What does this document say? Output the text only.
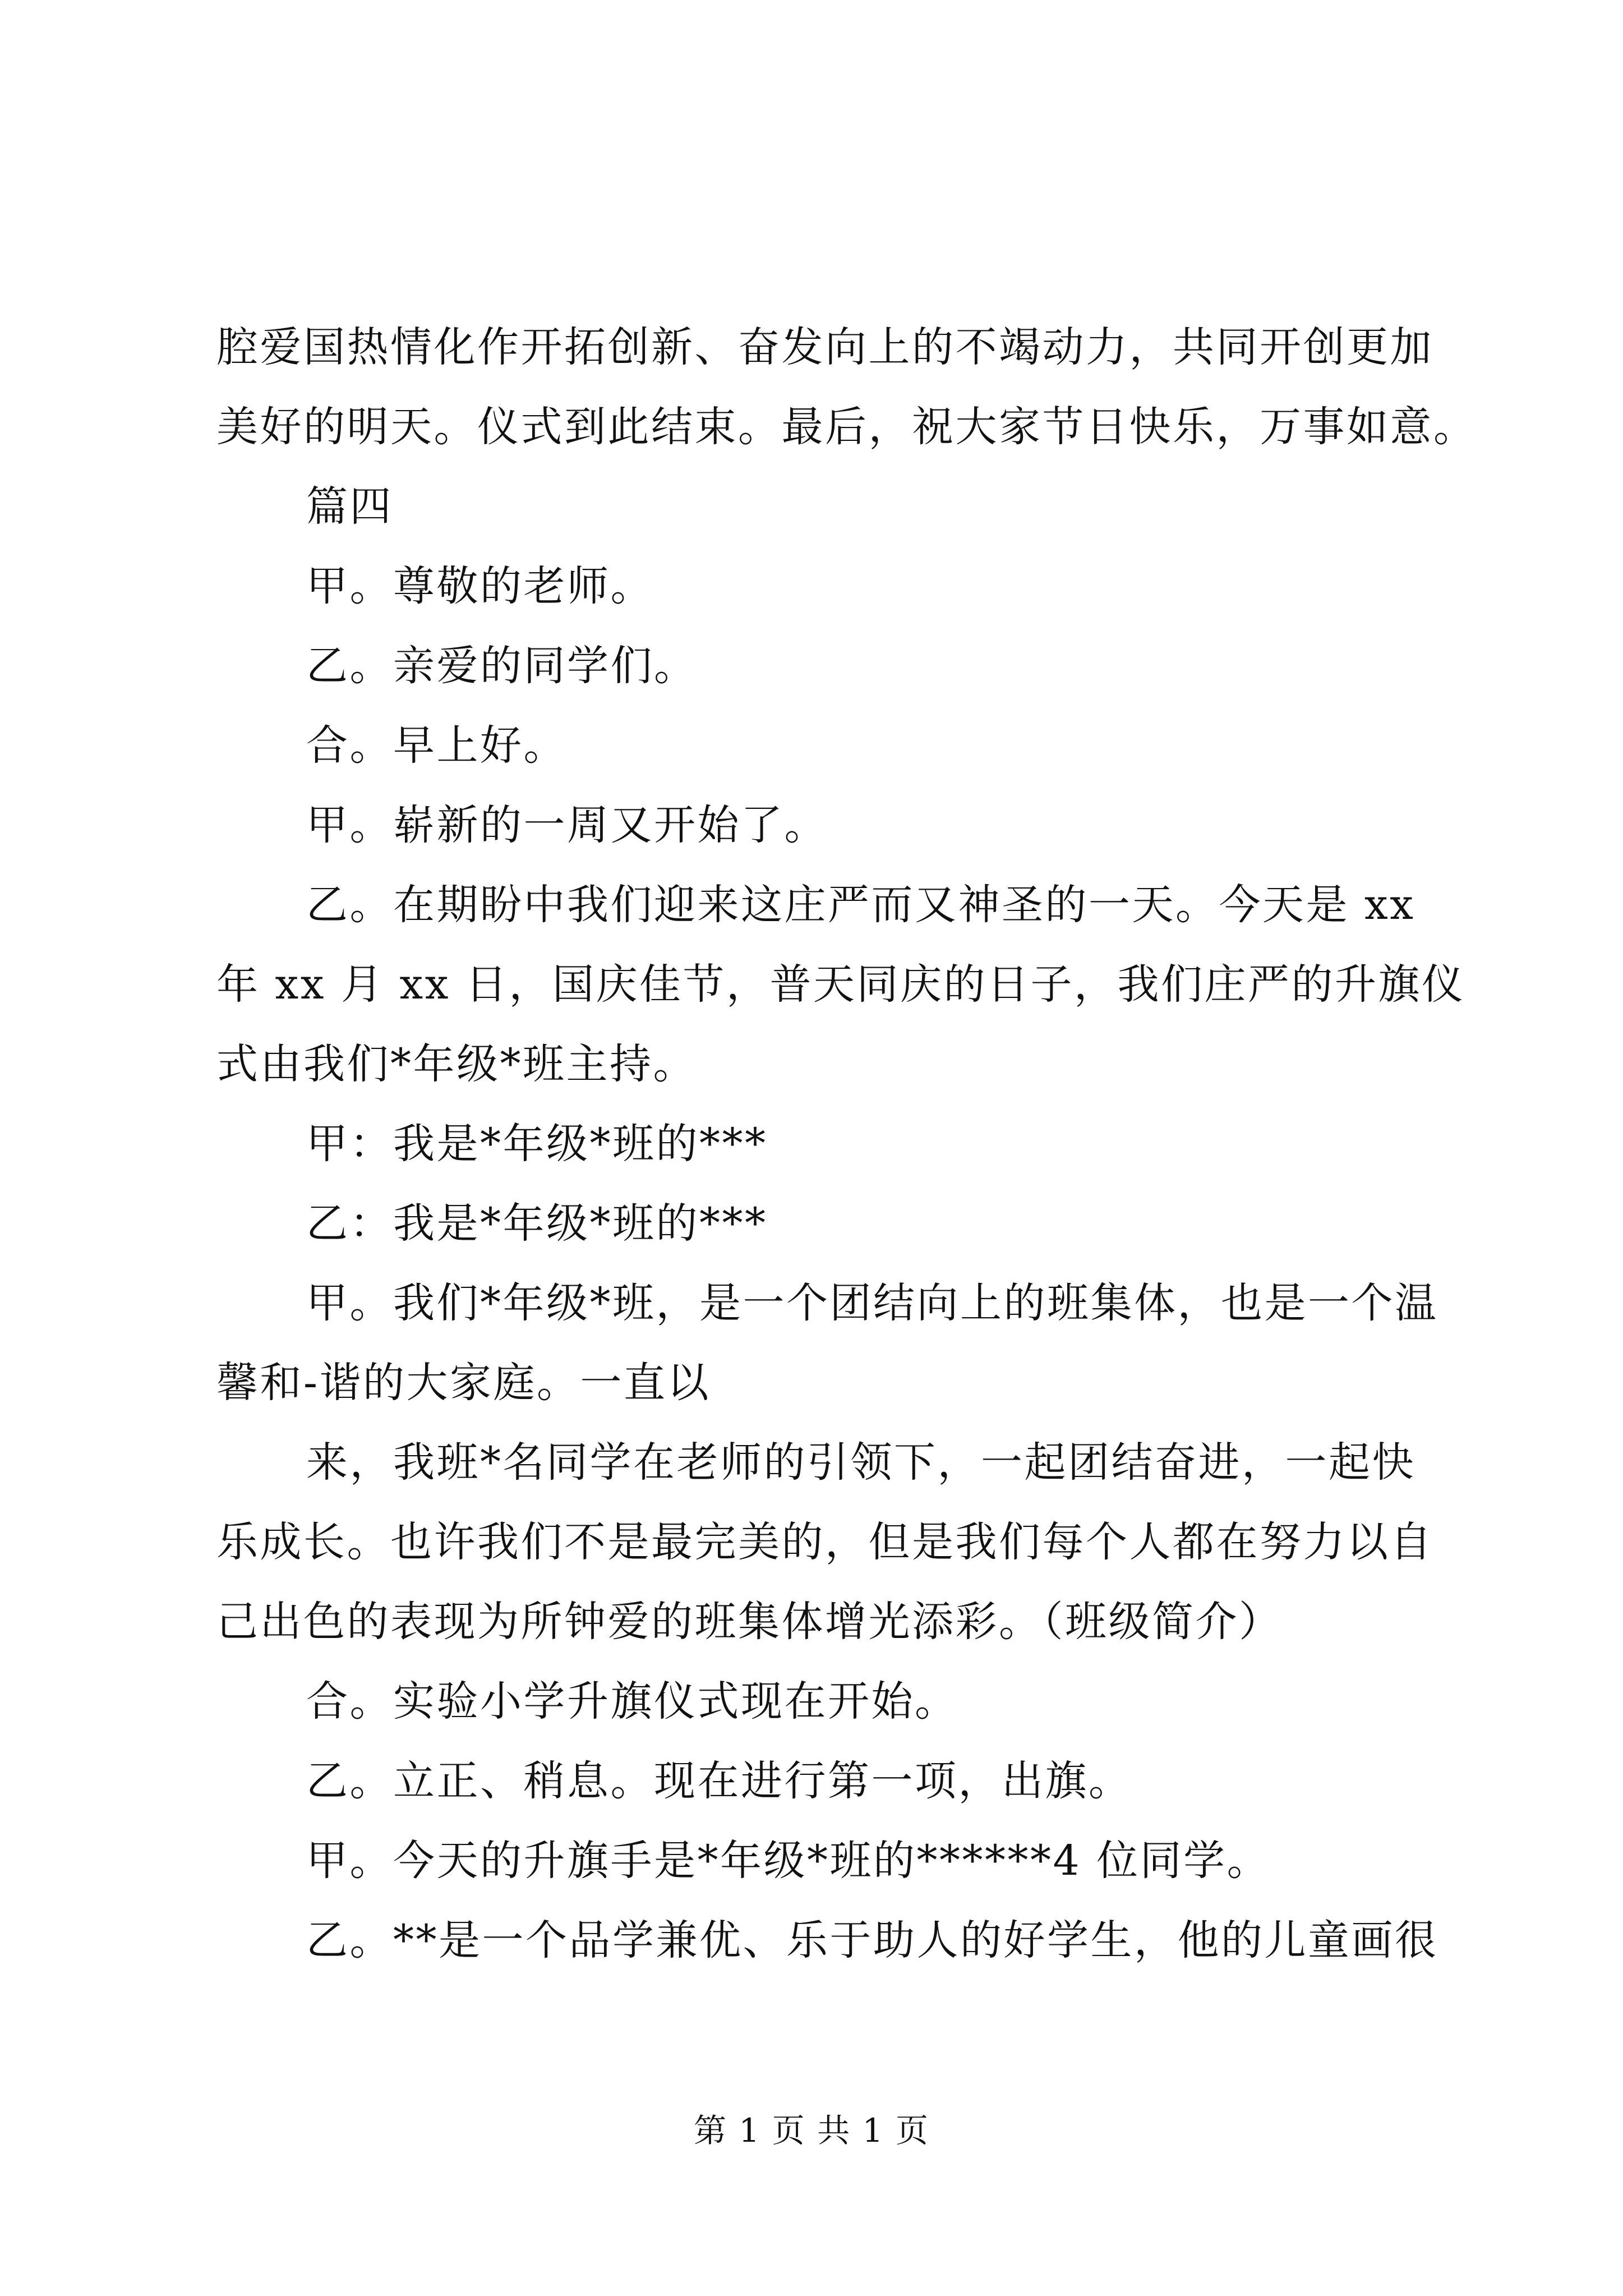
腔爱国热情化作开拓创新、奋发向上的不竭动力，共同开创更加
美好的明天。仪式到此结束。最后，祝大家节日快乐，万事如意。
篇四
甲。尊敬的老师。
乙。亲爱的同学们。
合。早上好。
甲。崭新的一周又开始了。
乙。在期盼中我们迎来这庄严而又神圣的一天。今天是 xx
年 xx 月 xx 日，国庆佳节，普天同庆的日子，我们庄严的升旗仪
式由我们*年级*班主持。
甲：我是*年级*班的***
乙：我是*年级*班的***
甲。我们*年级*班，是一个团结向上的班集体，也是一个温
馨和-谐的大家庭。一直以
来，我班*名同学在老师的引领下，一起团结奋进，一起快
乐成长。也许我们不是最完美的，但是我们每个人都在努力以自
己出色的表现为所钟爱的班集体增光添彩。（班级简介）
合。实验小学升旗仪式现在开始。
乙。立正、稍息。现在进行第一项，出旗。
甲。今天的升旗手是*年级*班的******4 位同学。
乙。**是一个品学兼优、乐于助人的好学生，他的儿童画很
第 1 页 共 1 页
